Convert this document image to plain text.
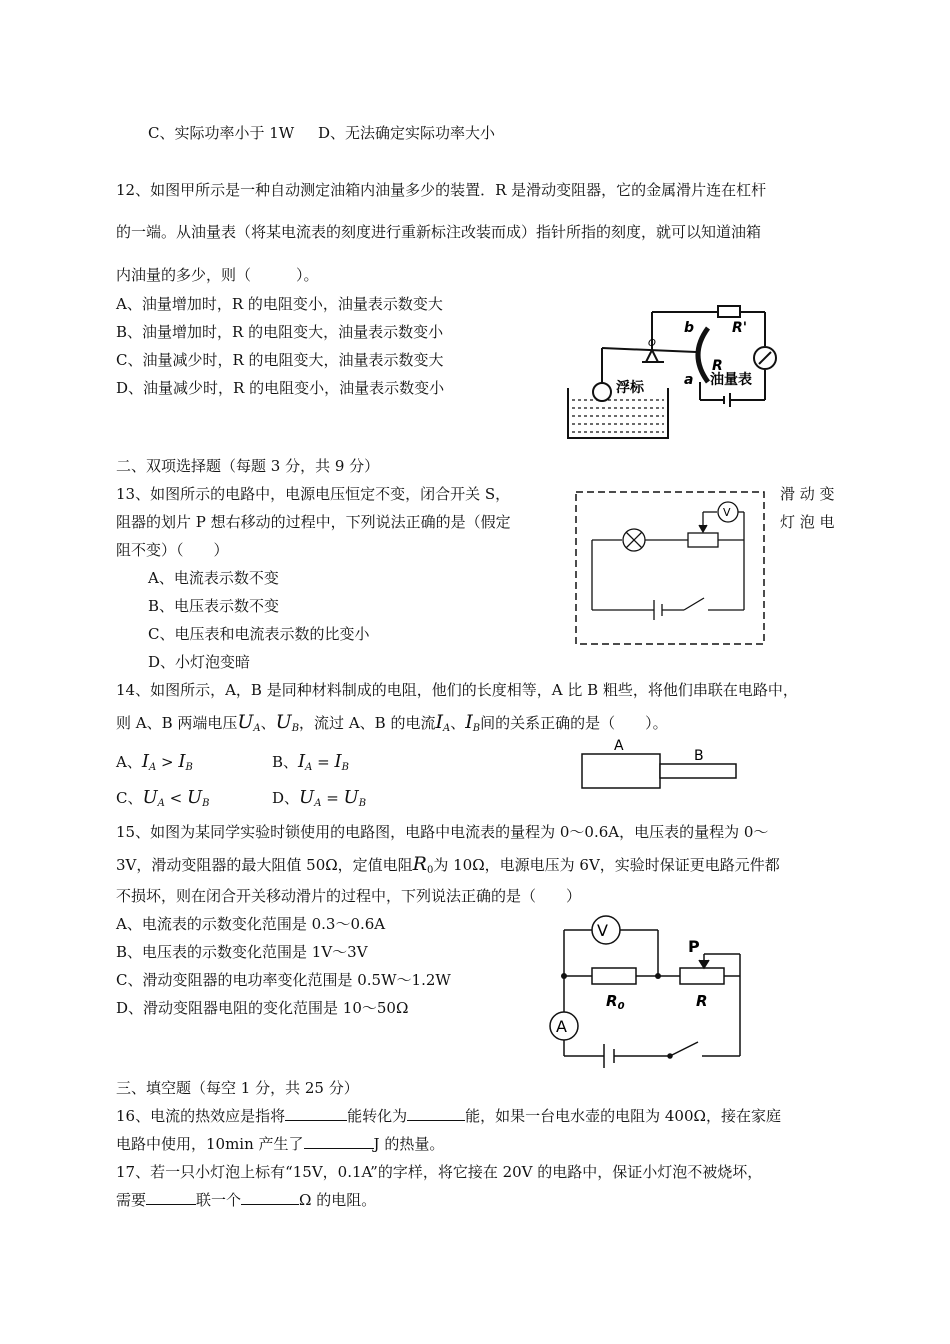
C、实际功率小于 1W D、无法确定实际功率大小
12、如图甲所示是一种自动测定油箱内油量多少的装置．R 是滑动变阻器，它的金属滑片连在杠杆
的一端。从油量表（将某电流表的刻度进行重新标注改装而成）指针所指的刻度，就可以知道油箱
内油量的多少，则（　　　）。
A、油量增加时，R 的电阻变小，油量表示数变大
B、油量增加时，R 的电阻变大，油量表示数变小
C、油量减少时，R 的电阻变大，油量表示数变大
D、油量减少时，R 的电阻变小，油量表示数变小	浮标	油量表
R
R'
b
a
O
二、双项选择题（每题 3 分，共 9 分）
13、如图所示的电路中，电源电压恒定不变，闭合开关 S，	滑 动 变
阻器的划片 P 想右移动的过程中，下列说法正确的是（假定	灯 泡 电
阻不变）（　　）
A、电流表示数不变
B、电压表示数不变
C、电压表和电流表示数的比变小
D、小灯泡变暗
V
14、如图所示，A，B 是同种材料制成的电阻，他们的长度相等，A 比 B 粗些，将他们串联在电路中，
则 A、B 两端电压$U_A$、$U_B$，流过 A、B 的电流$I_A$、$I_B$间的关系正确的是（　　）。
A、$I_A > I_B$	B、$I_A = I_B$
C、$U_A < U_B$	D、$U_A = U_B$
A
B
15、如图为某同学实验时锁使用的电路图，电路中电流表的量程为 0～0.6A，电压表的量程为 0～
3V，滑动变阻器的最大阻值 50Ω，定值电阻$R_0$为 10Ω，电源电压为 6V，实验时保证更电路元件都
不损坏，则在闭合开关移动滑片的过程中，下列说法正确的是（　　）
A、电流表的示数变化范围是 0.3～0.6A
B、电压表的示数变化范围是 1V～3V
C、滑动变阻器的电功率变化范围是 0.5W～1.2W
D、滑动变阻器电阻的变化范围是 10～50Ω
V
A
P
$R_0$	R
三、填空题（每空 1 分，共 25 分）
16、电流的热效应是指将	能转化为	能，如果一台电水壶的电阻为 400Ω，接在家庭
电路中使用，10min 产生了	J 的热量。
17、若一只小灯泡上标有“15V，0.1A”的字样，将它接在 20V 的电路中，保证小灯泡不被烧坏，
需要	联一个	Ω 的电阻。
